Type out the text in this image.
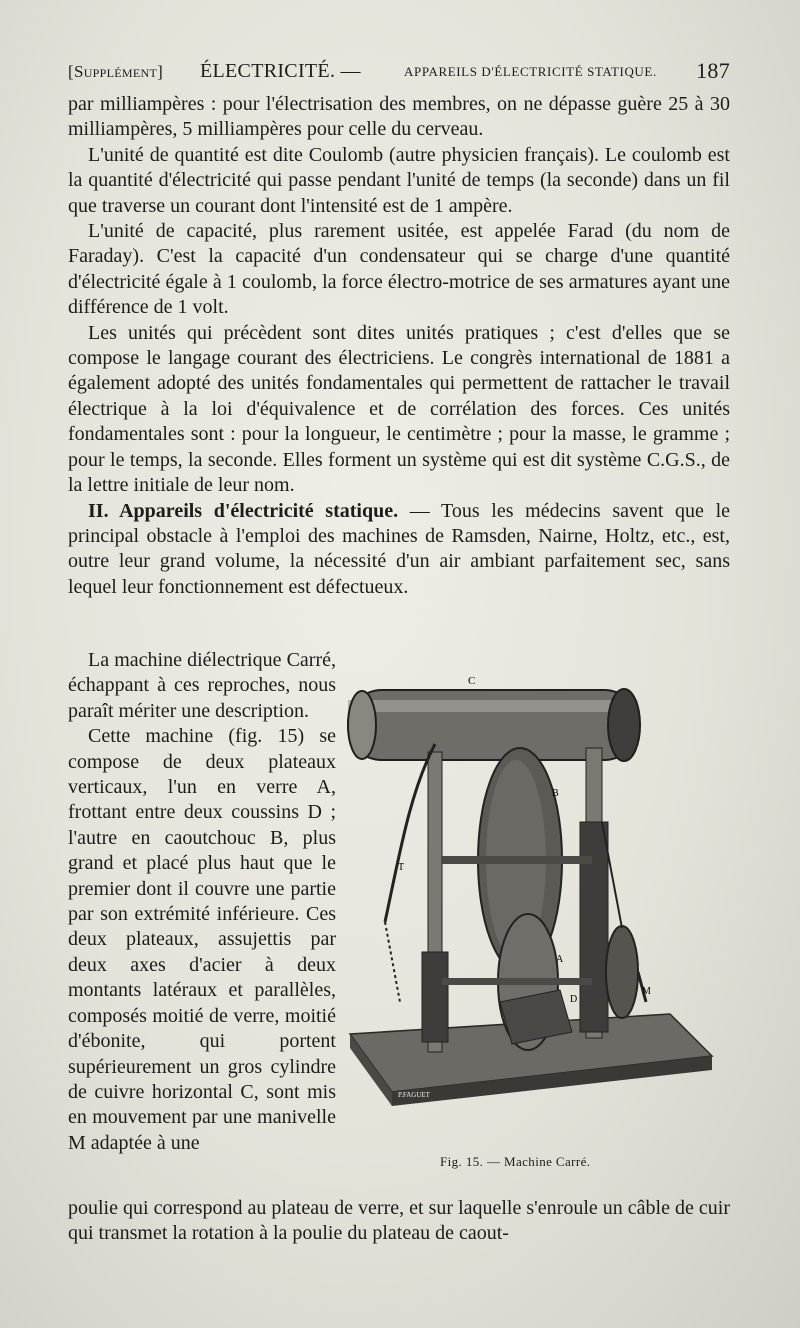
[Supplément] ÉLECTRICITÉ. —	APPAREILS D'ÉLECTRICITÉ STATIQUE. 187

par milliampères : pour l'électrisation des membres, on ne dépasse guère 25 à 30 milliampères, 5 milliampères pour celle du cerveau.

L'unité de quantité est dite Coulomb (autre physicien français). Le coulomb est la quantité d'électricité qui passe pendant l'unité de temps (la seconde) dans un fil que traverse un courant dont l'intensité est de 1 ampère.

L'unité de capacité, plus rarement usitée, est appelée Farad (du nom de Faraday). C'est la capacité d'un condensateur qui se charge d'une quantité d'électricité égale à 1 coulomb, la force électro-motrice de ses armatures ayant une différence de 1 volt.

Les unités qui précèdent sont dites unités pratiques ; c'est d'elles que se compose le langage courant des électriciens. Le congrès international de 1881 a également adopté des unités fondamentales qui permettent de rattacher le travail électrique à la loi d'équivalence et de corrélation des forces. Ces unités fondamentales sont : pour la longueur, le centimètre ; pour la masse, le gramme ; pour le temps, la seconde. Elles forment un système qui est dit système C.G.S., de la lettre initiale de leur nom.

II. Appareils d'électricité statique. — Tous les médecins savent que le principal obstacle à l'emploi des machines de Ramsden, Nairne, Holtz, etc., est, outre leur grand volume, la nécessité d'un air ambiant parfaitement sec, sans lequel leur fonctionnement est défectueux.

La machine diélectrique Carré, échappant à ces reproches, nous paraît mériter une description.

Cette machine (fig. 15) se compose de deux plateaux verticaux, l'un en verre A, frottant entre deux coussins D ; l'autre en caoutchouc B, plus grand et placé plus haut que le premier dont il couvre une partie par son extrémité inférieure. Ces deux plateaux, assujettis par deux axes d'acier à deux montants latéraux et parallèles, composés moitié de verre, moitié d'ébonite, qui portent supérieurement un gros cylindre de cuivre horizontal C, sont mis en mouvement par une manivelle M adaptée à une

C
B
T
A
D
M
P.FAGUET
Fig. 15. — Machine Carré.

poulie qui correspond au plateau de verre, et sur laquelle s'enroule un câble de cuir qui transmet la rotation à la poulie du plateau de caout-
